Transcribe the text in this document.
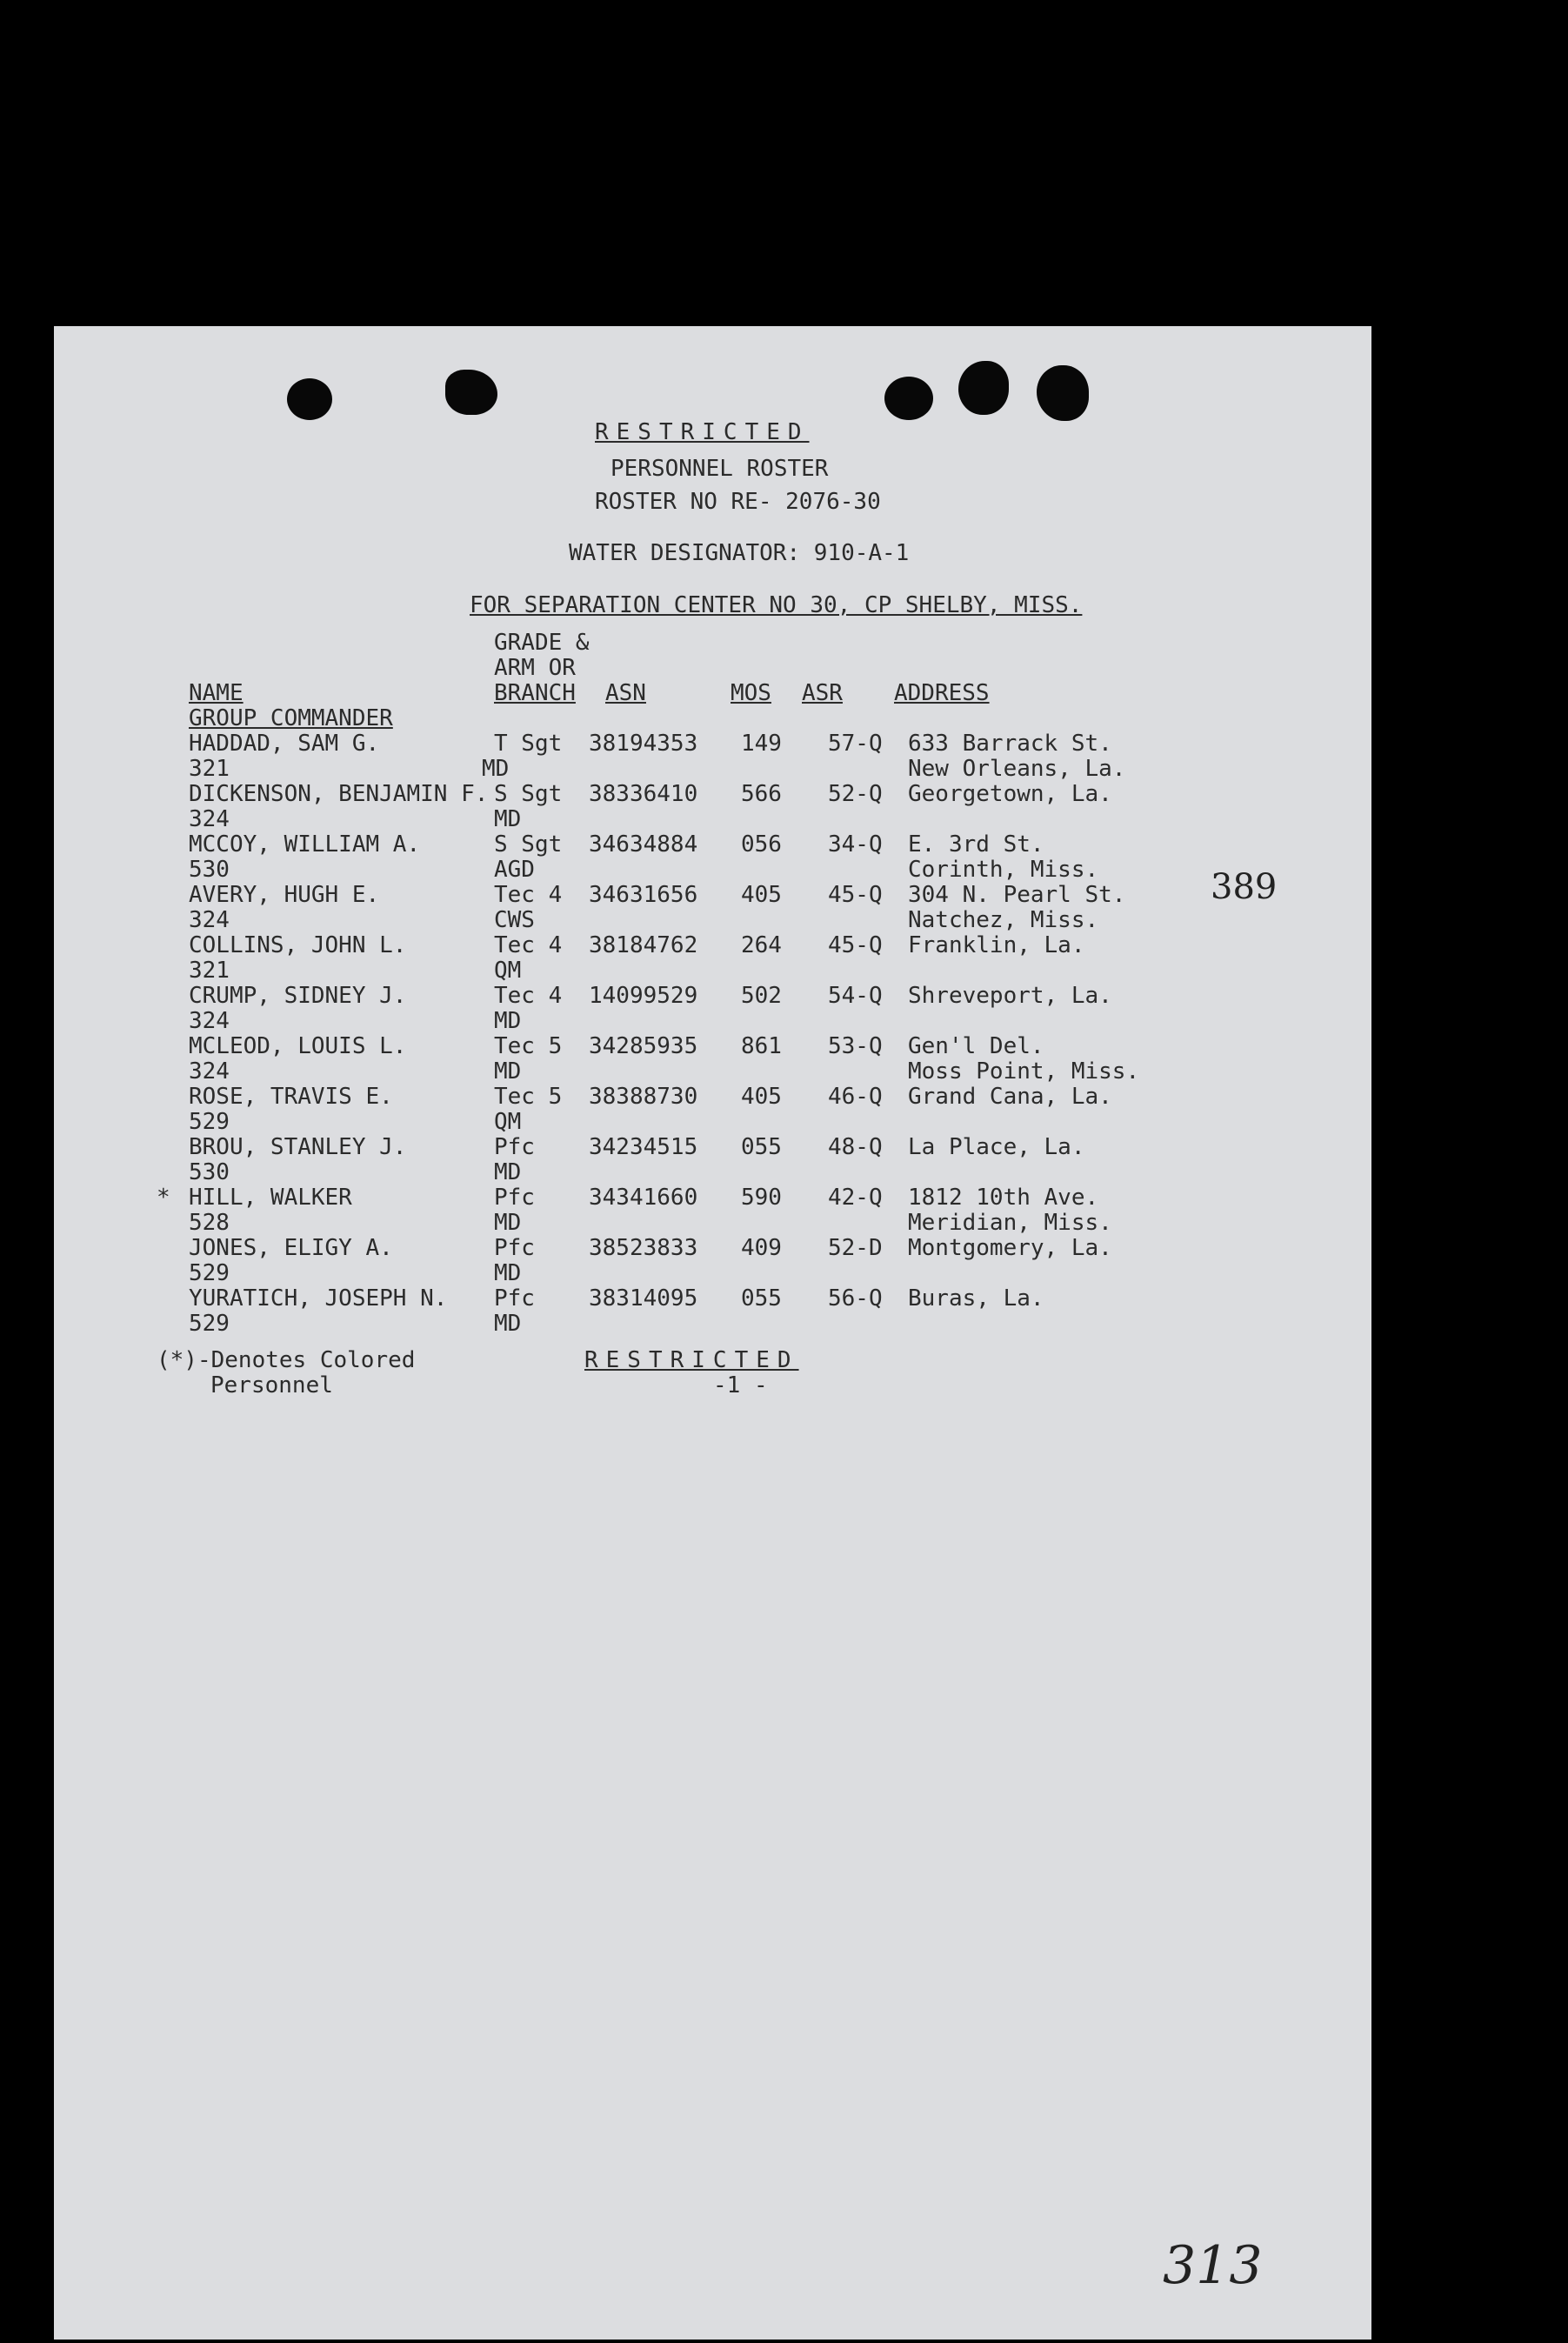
RESTRICTED
PERSONNEL ROSTER
ROSTER NO RE- 2076-30
WATER DESIGNATOR: 910-A-1
FOR SEPARATION CENTER NO 30, CP SHELBY, MISS.
GRADE &
ARM OR
BRANCH
NAME
GROUP COMMANDER
ASN	MOS ASR ADDRESS
HADDAD, SAM G.
321
T Sgt
MD
38194353 149 57-Q 633 Barrack St.
New Orleans, La.
DICKENSON, BENJAMIN F.
324
S Sgt
MD
38336410 566 52-Q Georgetown, La.
MCCOY, WILLIAM A.
530
S Sgt
AGD
34634884 056 34-Q E. 3rd St.
Corinth, Miss.
AVERY, HUGH E.
324
Tec 4
CWS
34631656 405 45-Q 304 N. Pearl St.
Natchez, Miss.
COLLINS, JOHN L.
321
Tec 4
QM
38184762 264 45-Q Franklin, La.
CRUMP, SIDNEY J.
324
Tec 4
MD
14099529 502 54-Q Shreveport, La.
MCLEOD, LOUIS L.
324
Tec 5
MD
34285935 861 53-Q Gen'l Del.
Moss Point, Miss.
ROSE, TRAVIS E.
529
Tec 5
QM
38388730 405 46-Q Grand Cana, La.
BROU, STANLEY J.
530
Pfc
MD
34234515 055 48-Q La Place, La.
* HILL, WALKER
528
Pfc
MD
34341660 590 42-Q 1812 10th Ave.
Meridian, Miss.
JONES, ELIGY A.
529
Pfc
MD
38523833 409 52-D Montgomery, La.
YURATICH, JOSEPH N.
529
Pfc
MD
38314095 055 56-Q Buras, La.
(*)-Denotes Colored
Personnel
RESTRICTED
-1 -
389
313
